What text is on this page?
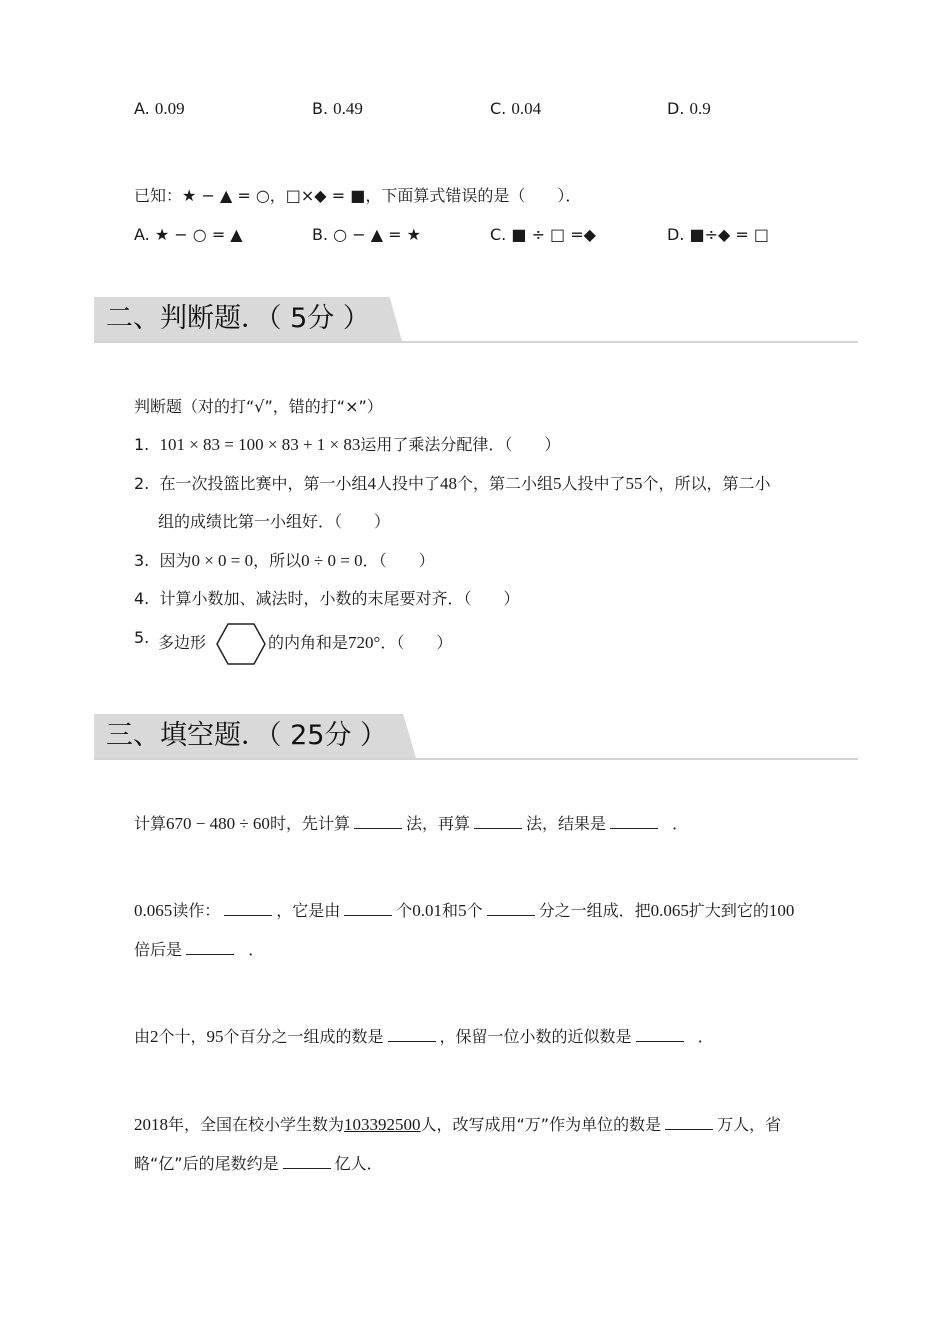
A. 0.09	B. 0.49	C. 0.04	D. 0.9
已知：★ − ▲ = ○，□×◆ = ■，下面算式错误的是（　　）．
A. ★ − ○ = ▲	B. ○ − ▲ = ★	C. ■ ÷ □ =◆	D. ■÷◆ = □
二、判断题．（ 5分 ）
判断题（对的打“√”，错的打“×”）
1. 101 × 83 = 100 × 83 + 1 × 83运用了乘法分配律．（　　）
2. 在一次投篮比赛中，第一小组4人投中了48个，第二小组5人投中了55个，所以，第二小
组的成绩比第一小组好．（　　）
3. 因为0 × 0 = 0，所以0 ÷ 0 = 0．（　　）
4. 计算小数加、减法时，小数的末尾要对齐．（　　）
5. 多边形	的内角和是720°．（　　）
三、填空题．（ 25分 ）
计算670 − 480 ÷ 60时，先计算	法，再算	法，结果是	．
0.065读作：	，它是由	个0.01和5个	分之一组成．把0.065扩大到它的100
倍后是	．
由2个十，95个百分之一组成的数是	，保留一位小数的近似数是	．
2018年，全国在校小学生数为103392500人，改写成用“万”作为单位的数是	万人，省
略“亿”后的尾数约是	亿人．
